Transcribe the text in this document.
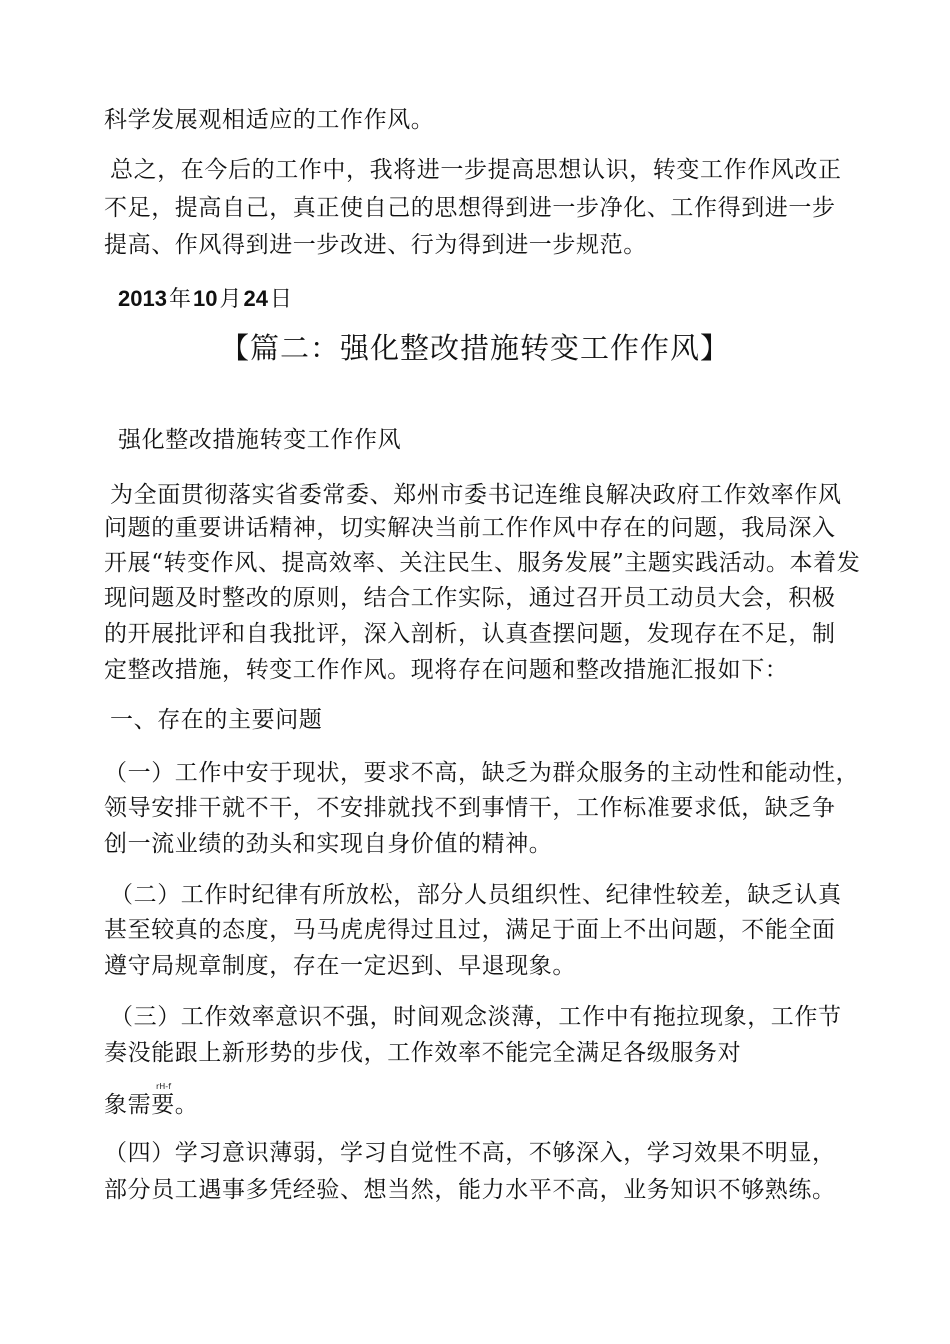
科学发展观相适应的工作作风。
总之，在今后的工作中，我将进一步提高思想认识，转变工作作风改正
不足，提高自己，真正使自己的思想得到进一步净化、工作得到进一步
提高、作风得到进一步改进、行为得到进一步规范。
2013年10月24日
【篇二：强化整改措施转变工作作风】
强化整改措施转变工作作风
为全面贯彻落实省委常委、郑州市委书记连维良解决政府工作效率作风
问题的重要讲话精神，切实解决当前工作作风中存在的问题，我局深入
开展“转变作风、提高效率、关注民生、服务发展”主题实践活动。本着发
现问题及时整改的原则，结合工作实际，通过召开员工动员大会，积极
的开展批评和自我批评，深入剖析，认真查摆问题，发现存在不足，制
定整改措施，转变工作作风。现将存在问题和整改措施汇报如下：
一、存在的主要问题
（一）工作中安于现状，要求不高，缺乏为群众服务的主动性和能动性，
领导安排干就不干，不安排就找不到事情干，工作标准要求低，缺乏争
创一流业绩的劲头和实现自身价值的精神。
（二）工作时纪律有所放松，部分人员组织性、纪律性较差，缺乏认真
甚至较真的态度，马马虎虎得过且过，满足于面上不出问题，不能全面
遵守局规章制度，存在一定迟到、早退现象。
（三）工作效率意识不强，时间观念淡薄，工作中有拖拉现象，工作节
奏没能跟上新形势的步伐，工作效率不能完全满足各级服务对
rH-f
象需要。
（四）学习意识薄弱，学习自觉性不高，不够深入，学习效果不明显，
部分员工遇事多凭经验、想当然，能力水平不高，业务知识不够熟练。
